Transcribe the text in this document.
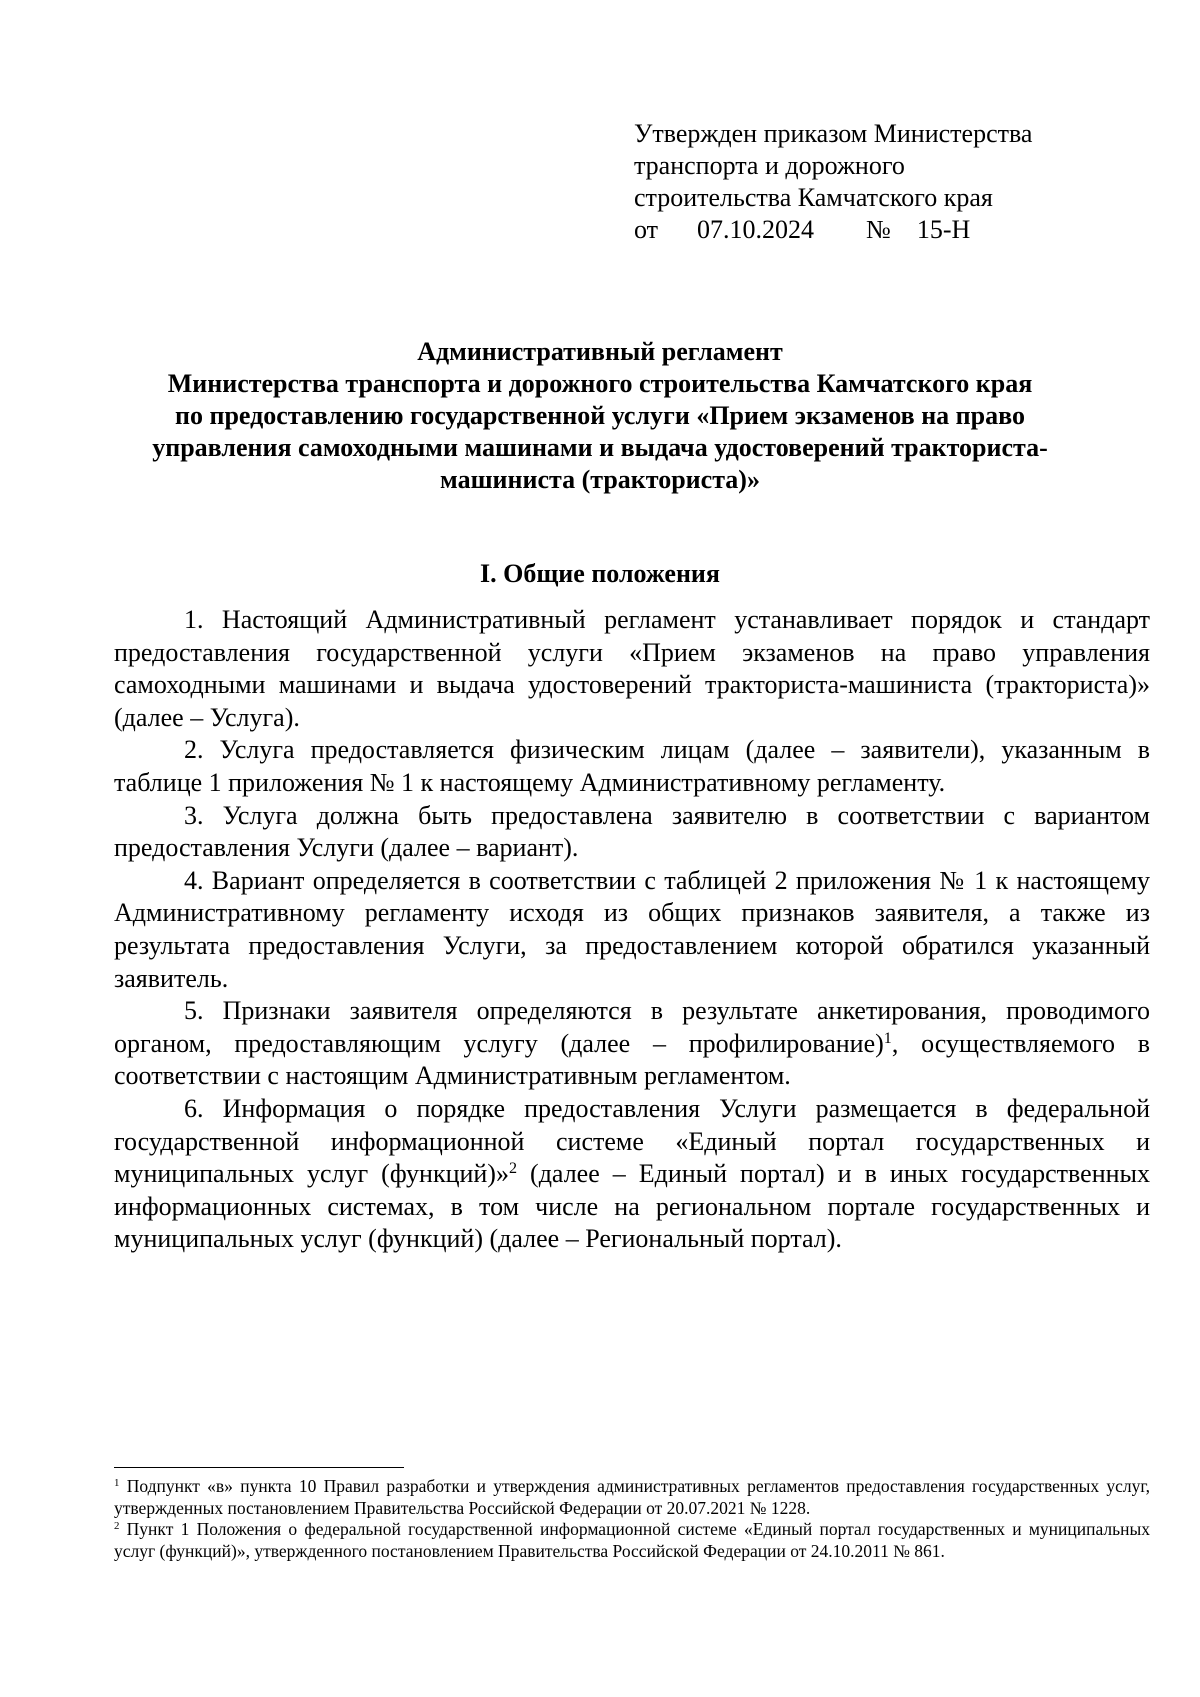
Утвержден приказом Министерства
транспорта и дорожного
строительства Камчатского края
от 07.10.2024 № 15-Н
Административный регламент
Министерства транспорта и дорожного строительства Камчатского края
по предоставлению государственной услуги «Прием экзаменов на право
управления самоходными машинами и выдача удостоверений тракториста-
машиниста (тракториста)»
I. Общие положения

1. Настоящий Административный регламент устанавливает порядок и стандарт предоставления государственной услуги «Прием экзаменов на право управления самоходными машинами и выдача удостоверений тракториста-машиниста (тракториста)» (далее – Услуга).

2. Услуга предоставляется физическим лицам (далее – заявители), указанным в таблице 1 приложения № 1 к настоящему Административному регламенту.

3. Услуга должна быть предоставлена заявителю в соответствии с вариантом предоставления Услуги (далее – вариант).

4. Вариант определяется в соответствии с таблицей 2 приложения № 1 к настоящему Административному регламенту исходя из общих признаков заявителя, а также из результата предоставления Услуги, за предоставлением которой обратился указанный заявитель.

5. Признаки заявителя определяются в результате анкетирования, проводимого органом, предоставляющим услугу (далее – профилирование)$^1$, осуществляемого в соответствии с настоящим Административным регламентом.

6. Информация о порядке предоставления Услуги размещается в федеральной государственной информационной системе «Единый портал государственных и муниципальных услуг (функций)»$^2$ (далее – Единый портал) и в иных государственных информационных системах, в том числе на региональном портале государственных и муниципальных услуг (функций) (далее – Региональный портал).

$^1$ Подпункт «в» пункта 10 Правил разработки и утверждения административных регламентов предоставления государственных услуг, утвержденных постановлением Правительства Российской Федерации от 20.07.2021 № 1228.

$^2$ Пункт 1 Положения о федеральной государственной информационной системе «Единый портал государственных и муниципальных услуг (функций)», утвержденного постановлением Правительства Российской Федерации от 24.10.2011 № 861.
